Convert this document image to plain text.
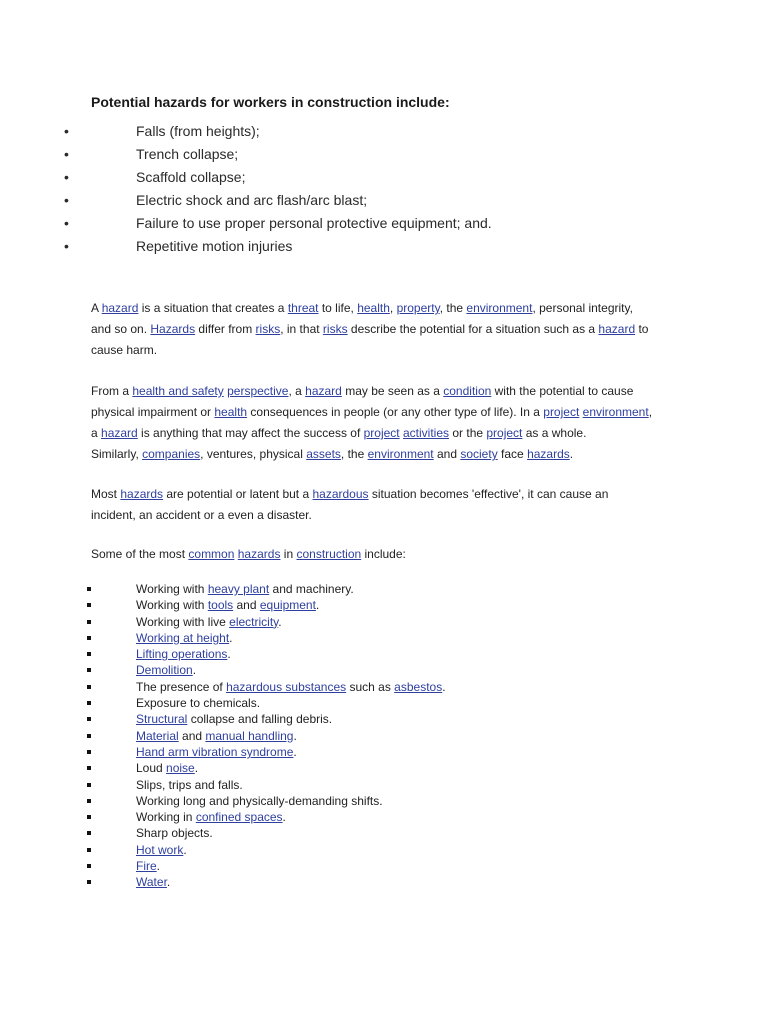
Potential hazards for workers in construction include:
•	Falls (from heights);
•	Trench collapse;
•	Scaffold collapse;
•	Electric shock and arc flash/arc blast;
•	Failure to use proper personal protective equipment; and.
•	Repetitive motion injuries
A hazard is a situation that creates a threat to life, health, property, the environment, personal integrity,
and so on. Hazards differ from risks, in that risks describe the potential for a situation such as a hazard to
cause harm.
From a health and safety perspective, a hazard may be seen as a condition with the potential to cause
physical impairment or health consequences in people (or any other type of life). In a project environment,
a hazard is anything that may affect the success of project activities or the project as a whole.
Similarly, companies, ventures, physical assets, the environment and society face hazards.
Most hazards are potential or latent but a hazardous situation becomes 'effective', it can cause an
incident, an accident or a even a disaster.
Some of the most common hazards in construction include:
Working with heavy plant and machinery.
Working with tools and equipment.
Working with live electricity.
Working at height.
Lifting operations.
Demolition.
The presence of hazardous substances such as asbestos.
Exposure to chemicals.
Structural collapse and falling debris.
Material and manual handling.
Hand arm vibration syndrome.
Loud noise.
Slips, trips and falls.
Working long and physically-demanding shifts.
Working in confined spaces.
Sharp objects.
Hot work.
Fire.
Water.
